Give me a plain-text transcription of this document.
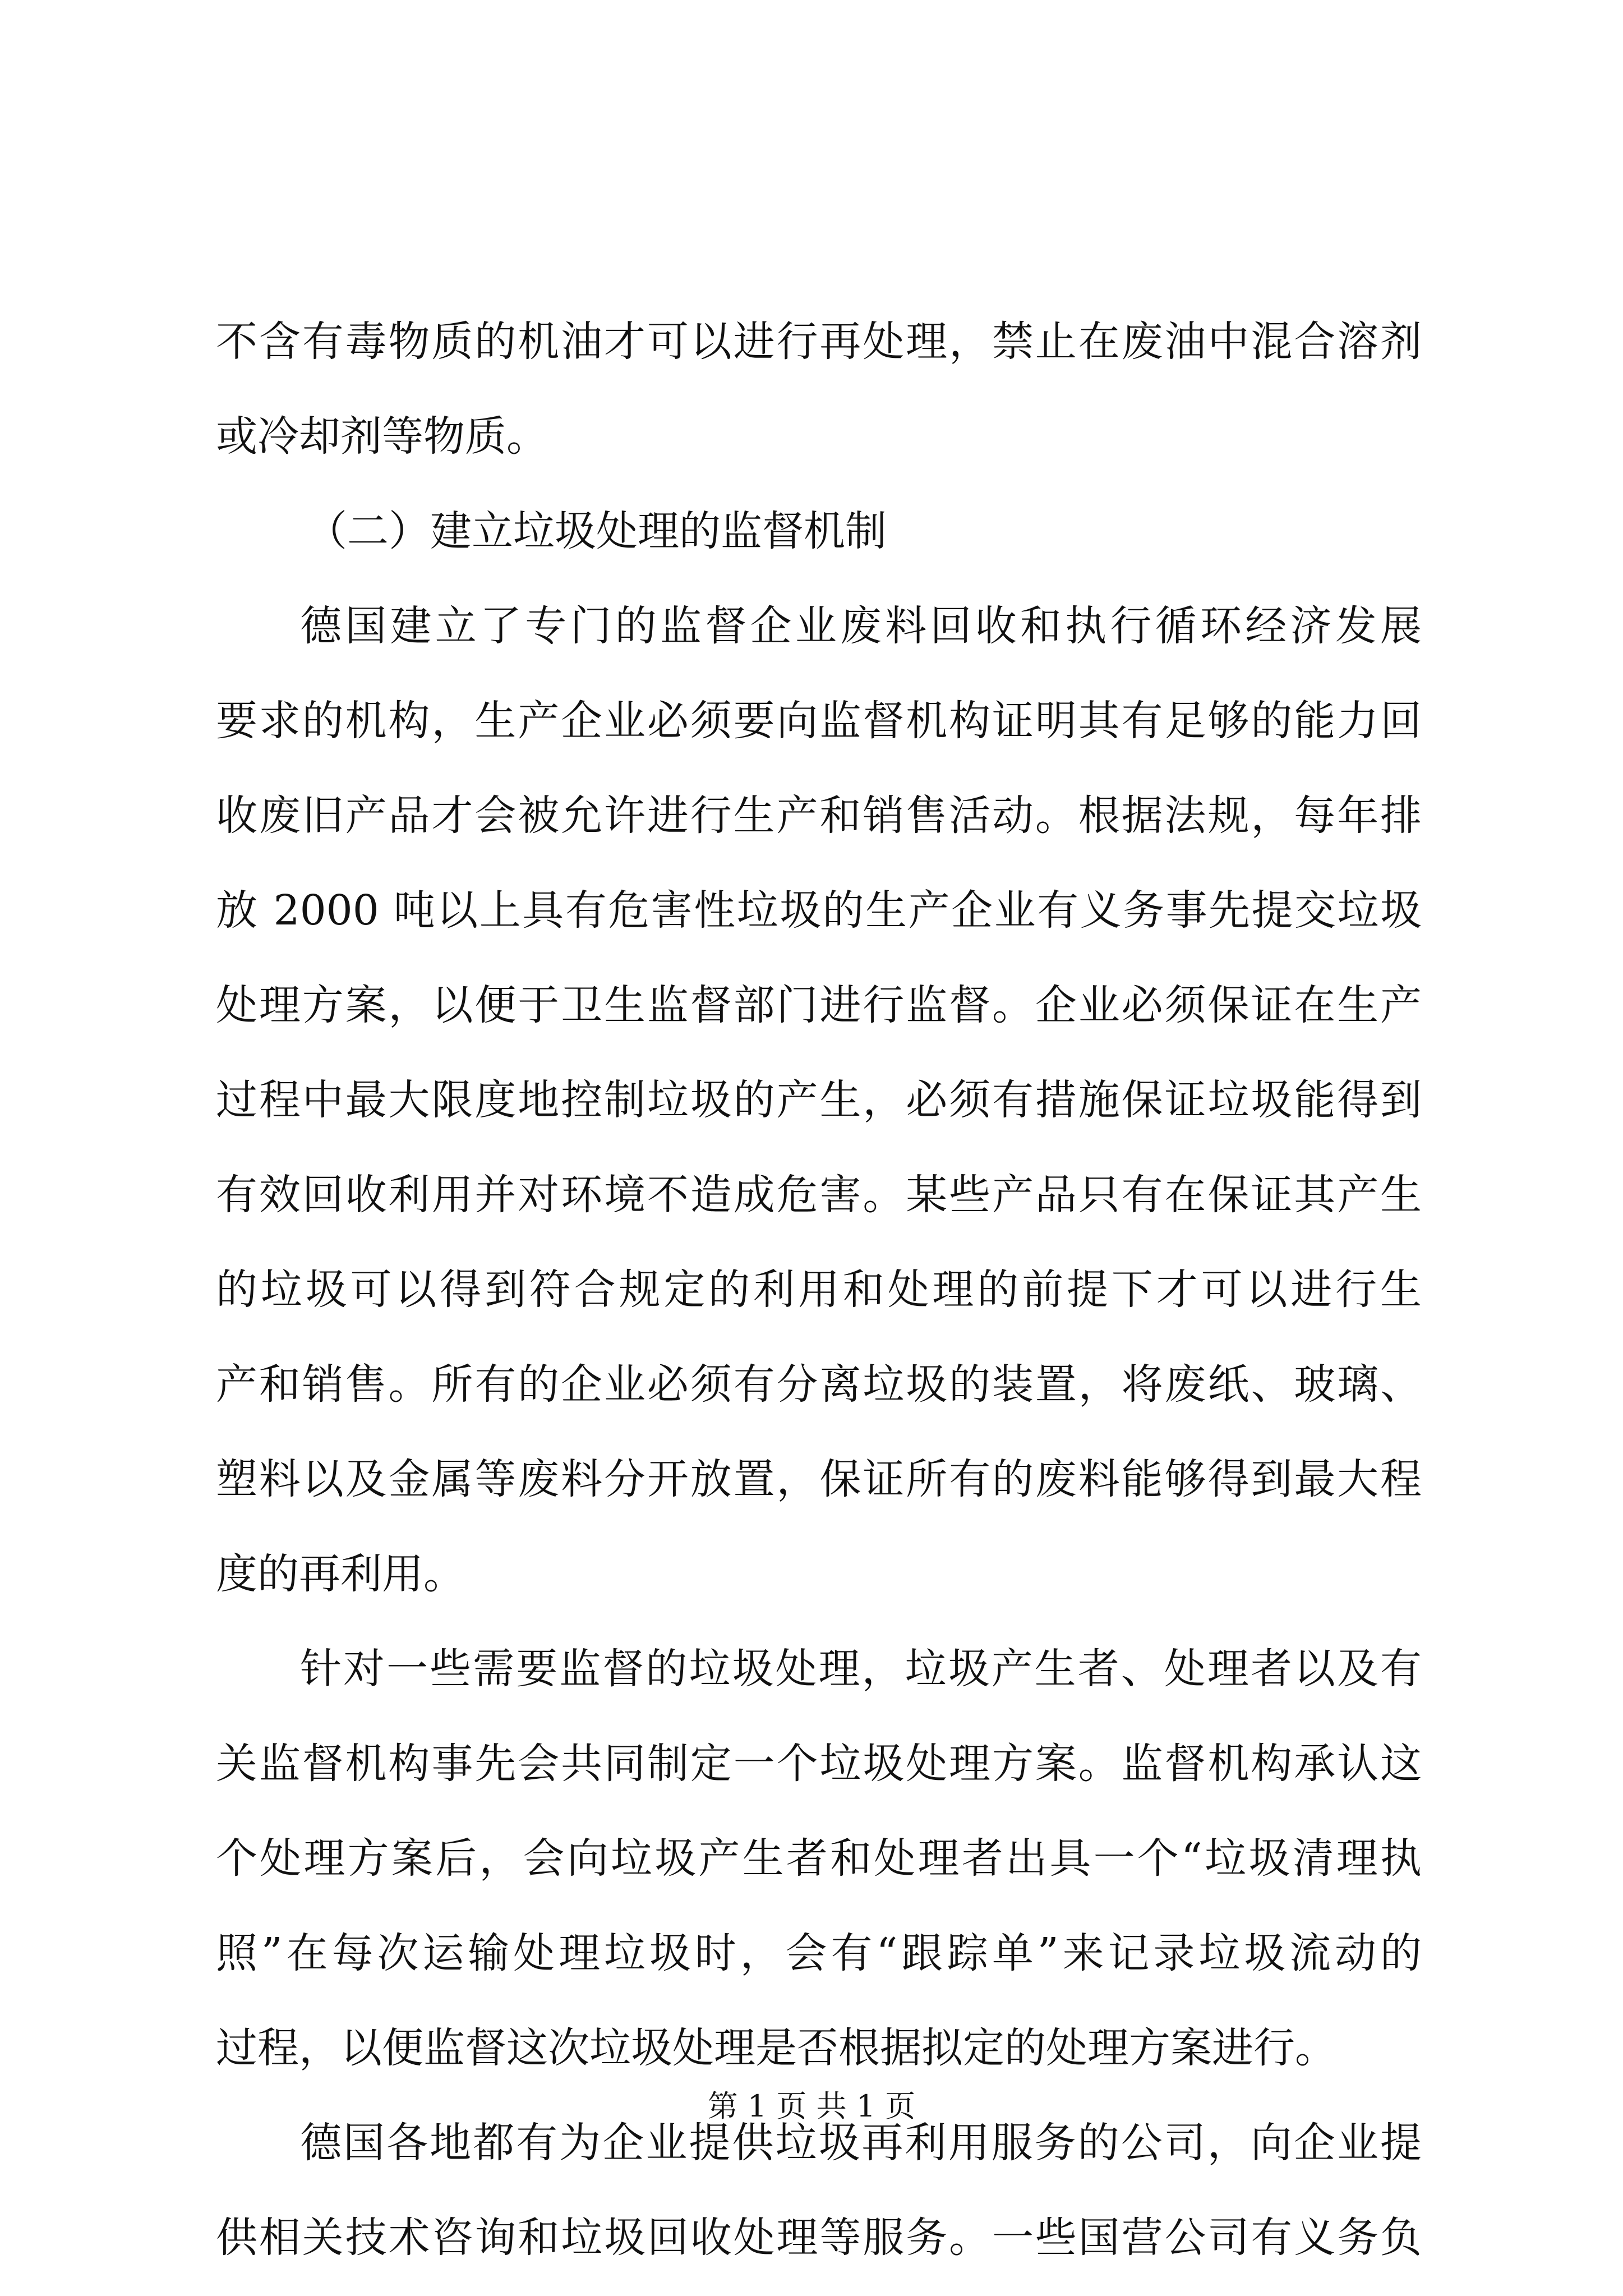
不含有毒物质的机油才可以进行再处理，禁止在废油中混合溶剂
或冷却剂等物质。
（二）建立垃圾处理的监督机制
德国建立了专门的监督企业废料回收和执行循环经济发展
要求的机构，生产企业必须要向监督机构证明其有足够的能力回
收废旧产品才会被允许进行生产和销售活动。根据法规，每年排
放 2000 吨以上具有危害性垃圾的生产企业有义务事先提交垃圾
处理方案，以便于卫生监督部门进行监督。企业必须保证在生产
过程中最大限度地控制垃圾的产生，必须有措施保证垃圾能得到
有效回收利用并对环境不造成危害。某些产品只有在保证其产生
的垃圾可以得到符合规定的利用和处理的前提下才可以进行生
产和销售。所有的企业必须有分离垃圾的装置，将废纸、玻璃、
塑料以及金属等废料分开放置，保证所有的废料能够得到最大程
度的再利用。
针对一些需要监督的垃圾处理，垃圾产生者、处理者以及有
关监督机构事先会共同制定一个垃圾处理方案。监督机构承认这
个处理方案后，会向垃圾产生者和处理者出具一个“垃圾清理执
照”在每次运输处理垃圾时，会有“跟踪单”来记录垃圾流动的
过程，以便监督这次垃圾处理是否根据拟定的处理方案进行。
德国各地都有为企业提供垃圾再利用服务的公司，向企业提
供相关技术咨询和垃圾回收处理等服务。一些国营公司有义务负
第 1 页 共 1 页
